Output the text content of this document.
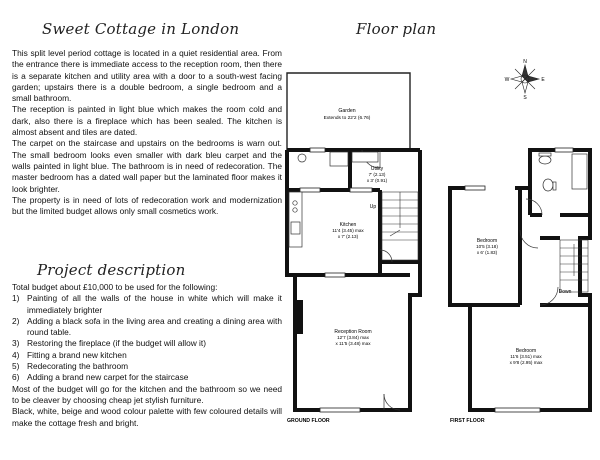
Sweet Cottage in London	Floor plan
Project description

This split level period cottage is located in a quiet residential area. From the entrance there is immediate access to the reception room, then there is a separate kitchen and utility area with a door to a south-west facing garden; upstairs there is a double bedroom, a single bedroom and a small bathroom.

The reception is painted in light blue which makes the room cold and dark, also there is a fireplace which has been sealed. The kitchen is almost absent and tiles are dated.

The carpet on the staircase and upstairs on the bedrooms is warn out. The small bedroom looks even smaller with dark bleu carpet and the walls painted in light blue. The bathroom is in need of redecoration. The master bedroom has a dated wall paper but the laminated floor makes it look brighter.

The property is in need of lots of redecoration work and modernization but the limited budget allows only small cosmetics work.

Total budget about £10,000 to be used for the following:

1) Painting of all the walls of the house in white which will make it immediately brighter
2) Adding a black sofa in the living area and creating a dining area with round table.
3) Restoring the fireplace (if the budget will allow it)
4) Fitting a brand new kitchen
5) Redecorating the bathroom
6) Adding a brand new carpet for the staircase

Most of the budget will go for the kitchen and the bathroom so we need to be cleaver by choosing cheap jet stylish furniture.

Black, white, beige and wood colour palette with few coloured details will make the cottage fresh and bright.

N
S
E
W
Garden
Extends to 22'2 (6.76)
Utility
7' (2.13)
x 3' (0.91)
Kitchen
11'4 (3.45) max
x 7' (2.13)
Up
Reception Room
12'7 (3.84) max
x 11'5 (3.48) max
GROUND FLOOR
Bedroom
10'5 (3.18)
x 6' (1.83)
Down
Bedroom
11'6 (3.51) max
x 9'8 (2.95) max
FIRST FLOOR
